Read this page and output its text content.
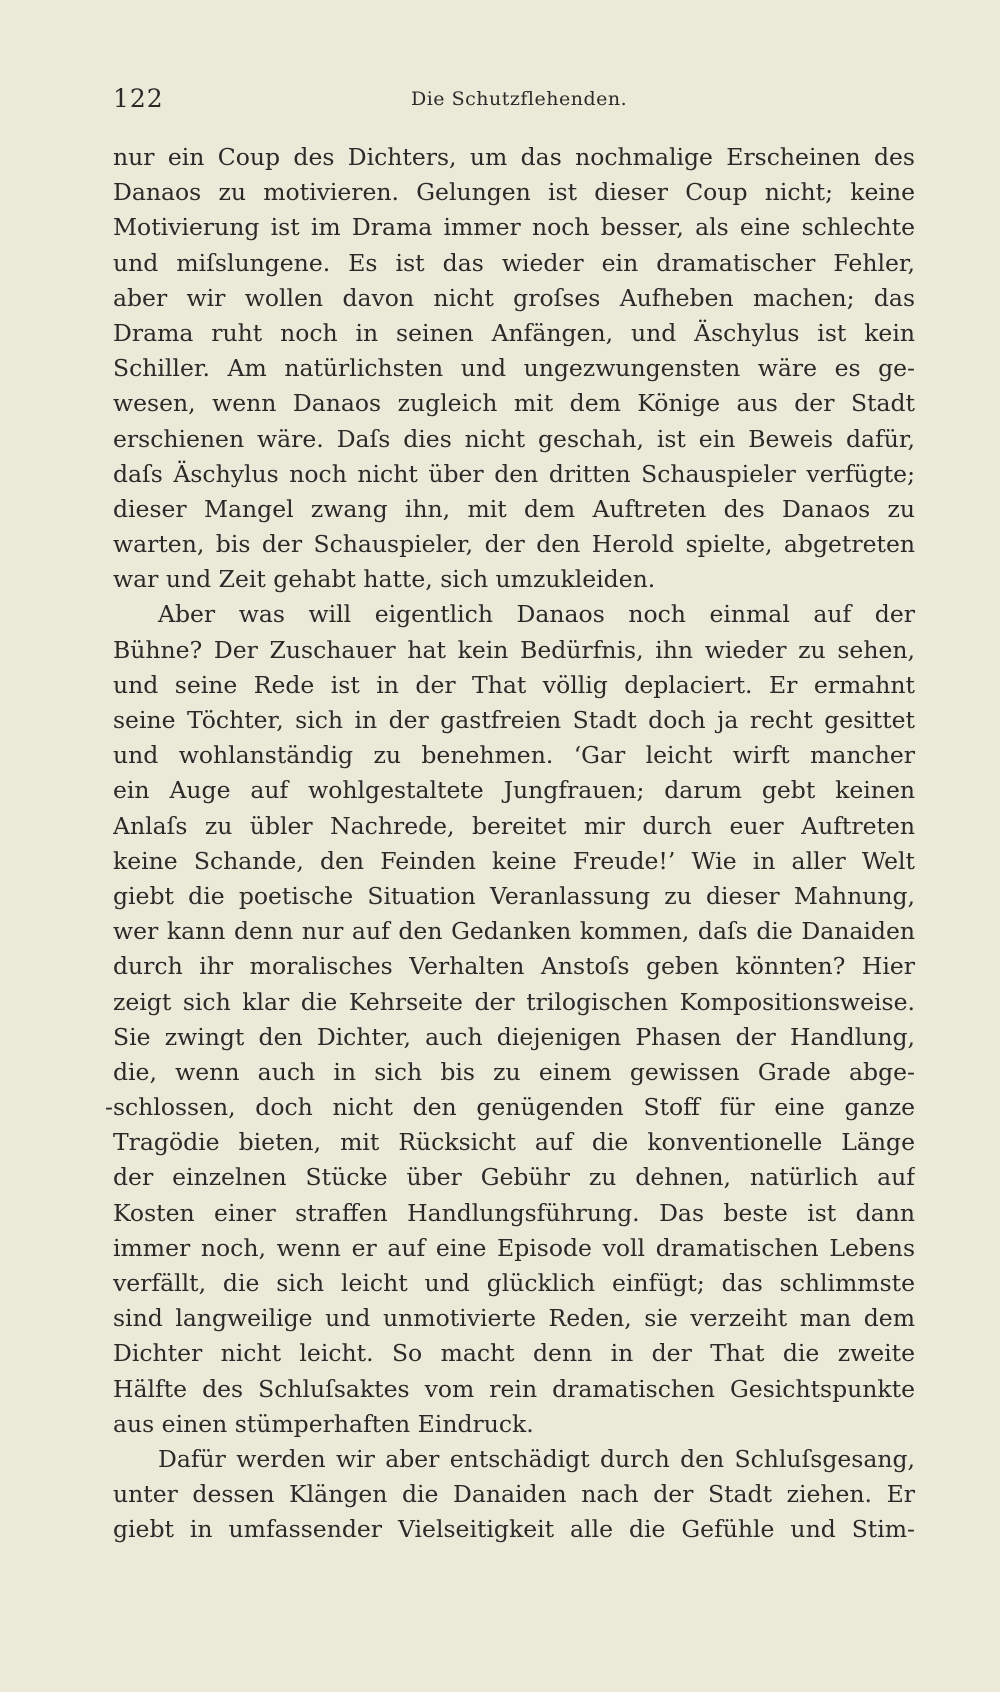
122	Die Schutzflehenden.
nur ein Coup des Dichters, um das nochmalige Erscheinen des
Danaos zu motivieren. Gelungen ist dieser Coup nicht; keine
Motivierung ist im Drama immer noch besser, als eine schlechte
und miſslungene. Es ist das wieder ein dramatischer Fehler,
aber wir wollen davon nicht groſses Aufheben machen; das
Drama ruht noch in seinen Anfängen, und Äschylus ist kein
Schiller. Am natürlichsten und ungezwungensten wäre es ge-
wesen, wenn Danaos zugleich mit dem Könige aus der Stadt
erschienen wäre. Daſs dies nicht geschah, ist ein Beweis dafür,
daſs Äschylus noch nicht über den dritten Schauspieler verfügte;
dieser Mangel zwang ihn, mit dem Auftreten des Danaos zu
warten, bis der Schauspieler, der den Herold spielte, abgetreten
war und Zeit gehabt hatte, sich umzukleiden.
Aber was will eigentlich Danaos noch einmal auf der
Bühne? Der Zuschauer hat kein Bedürfnis, ihn wieder zu sehen,
und seine Rede ist in der That völlig deplaciert. Er ermahnt
seine Töchter, sich in der gastfreien Stadt doch ja recht gesittet
und wohlanständig zu benehmen. ‘Gar leicht wirft mancher
ein Auge auf wohlgestaltete Jungfrauen; darum gebt keinen
Anlaſs zu übler Nachrede, bereitet mir durch euer Auftreten
keine Schande, den Feinden keine Freude!’ Wie in aller Welt
giebt die poetische Situation Veranlassung zu dieser Mahnung,
wer kann denn nur auf den Gedanken kommen, daſs die Danaiden
durch ihr moralisches Verhalten Anstoſs geben könnten? Hier
zeigt sich klar die Kehrseite der trilogischen Kompositionsweise.
Sie zwingt den Dichter, auch diejenigen Phasen der Handlung,
die, wenn auch in sich bis zu einem gewissen Grade abge-
-schlossen, doch nicht den genügenden Stoff für eine ganze
Tragödie bieten, mit Rücksicht auf die konventionelle Länge
der einzelnen Stücke über Gebühr zu dehnen, natürlich auf
Kosten einer straffen Handlungsführung. Das beste ist dann
immer noch, wenn er auf eine Episode voll dramatischen Lebens
verfällt, die sich leicht und glücklich einfügt; das schlimmste
sind langweilige und unmotivierte Reden, sie verzeiht man dem
Dichter nicht leicht. So macht denn in der That die zweite
Hälfte des Schluſsaktes vom rein dramatischen Gesichtspunkte
aus einen stümperhaften Eindruck.
Dafür werden wir aber entschädigt durch den Schluſsgesang,
unter dessen Klängen die Danaiden nach der Stadt ziehen. Er
giebt in umfassender Vielseitigkeit alle die Gefühle und Stim-
